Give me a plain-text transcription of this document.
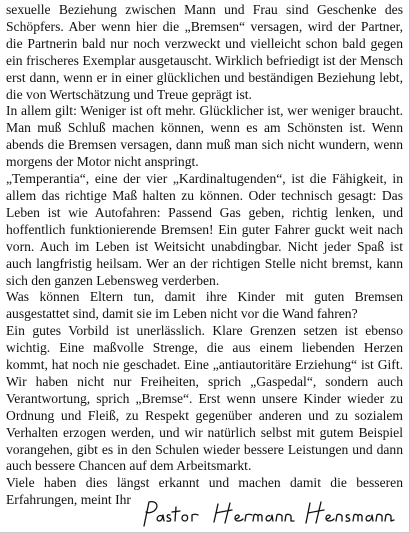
sexuelle Beziehung zwischen Mann und Frau sind Geschenke des Schöpfers. Aber wenn hier die „Bremsen“ versagen, wird der Partner, die Partnerin bald nur noch verzweckt und vielleicht schon bald gegen ein frischeres Exemplar ausgetauscht. Wirklich befriedigt ist der Mensch erst dann, wenn er in einer glücklichen und beständigen Beziehung lebt, die von Wertschätzung und Treue geprägt ist.

In allem gilt: Weniger ist oft mehr. Glücklicher ist, wer weniger braucht. Man muß Schluß machen können, wenn es am Schönsten ist. Wenn abends die Bremsen versagen, dann muß man sich nicht wundern, wenn morgens der Motor nicht anspringt.

„Temperantia“, eine der vier „Kardinaltugenden“, ist die Fähigkeit, in allem das richtige Maß halten zu können. Oder technisch gesagt: Das Leben ist wie Autofahren: Passend Gas geben, richtig lenken, und hoffentlich funktionierende Bremsen! Ein guter Fahrer guckt weit nach vorn. Auch im Leben ist Weitsicht unabdingbar. Nicht jeder Spaß ist auch langfristig heilsam. Wer an der richtigen Stelle nicht bremst, kann sich den ganzen Lebensweg verderben.

Was können Eltern tun, damit ihre Kinder mit guten Bremsen ausgestattet sind, damit sie im Leben nicht vor die Wand fahren?

Ein gutes Vorbild ist unerlässlich. Klare Grenzen setzen ist ebenso wichtig. Eine maßvolle Strenge, die aus einem liebenden Herzen kommt, hat noch nie geschadet. Eine „antiautoritäre Erziehung“ ist Gift. Wir haben nicht nur Freiheiten, sprich „Gaspedal“, sondern auch Verantwortung, sprich „Bremse“. Erst wenn unsere Kinder wieder zu Ordnung und Fleiß, zu Respekt gegenüber anderen und zu sozialem Verhalten erzogen werden, und wir natürlich selbst mit gutem Beispiel vorangehen, gibt es in den Schulen wieder bessere Leistungen und dann auch bessere Chancen auf dem Arbeitsmarkt.

Viele haben dies längst erkannt und machen damit die besseren Erfahrungen, meint Ihr
